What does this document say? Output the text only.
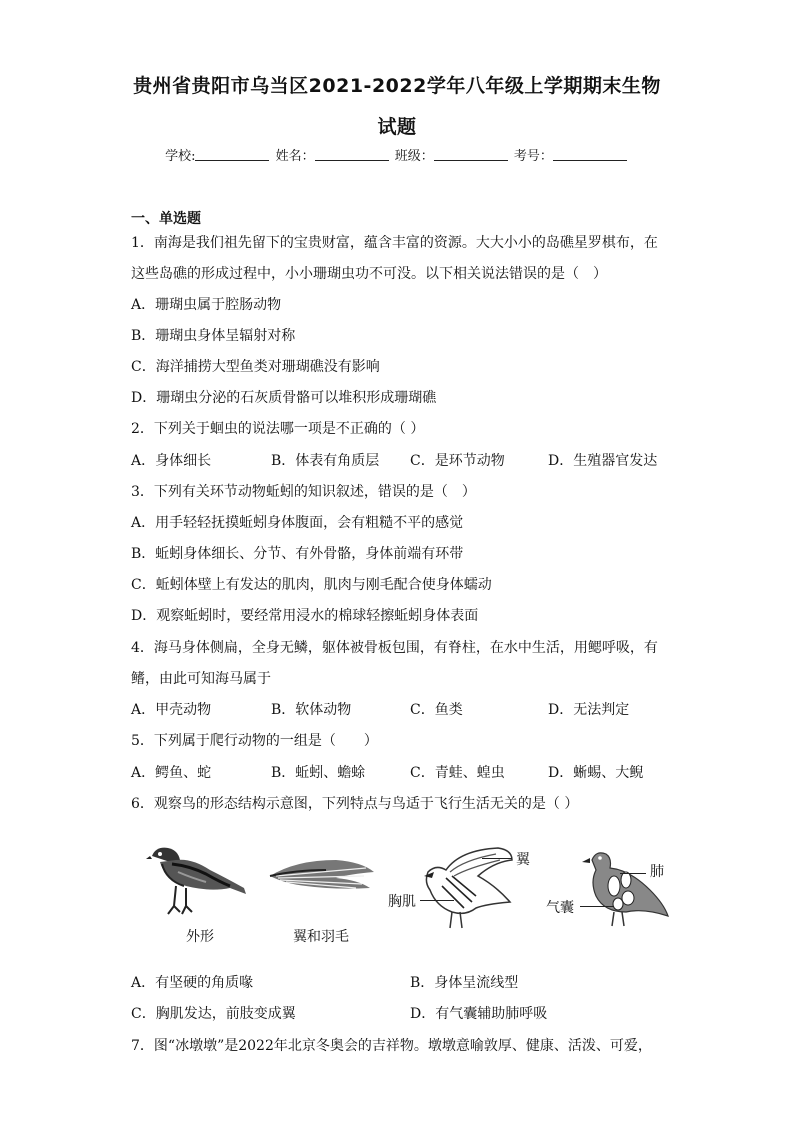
贵州省贵阳市乌当区2021-2022学年八年级上学期期末生物
试题
学校:	姓名：	班级：	考号：
一、单选题
1．南海是我们祖先留下的宝贵财富，蕴含丰富的资源。大大小小的岛礁星罗棋布，在
这些岛礁的形成过程中，小小珊瑚虫功不可没。以下相关说法错误的是（　）
A．珊瑚虫属于腔肠动物
B．珊瑚虫身体呈辐射对称
C．海洋捕捞大型鱼类对珊瑚礁没有影响
D．珊瑚虫分泌的石灰质骨骼可以堆积形成珊瑚礁
2．下列关于蛔虫的说法哪一项是不正确的（ ）
A．身体细长	B．体表有角质层 C．是环节动物	D．生殖器官发达
3．下列有关环节动物蚯蚓的知识叙述，错误的是（　）
A．用手轻轻抚摸蚯蚓身体腹面，会有粗糙不平的感觉
B．蚯蚓身体细长、分节、有外骨骼，身体前端有环带
C．蚯蚓体壁上有发达的肌肉，肌肉与刚毛配合使身体蠕动
D．观察蚯蚓时，要经常用浸水的棉球轻擦蚯蚓身体表面
4．海马身体侧扁，全身无鳞，躯体被骨板包围，有脊柱，在水中生活，用鳃呼吸，有
鳍，由此可知海马属于
A．甲壳动物	B．软体动物	C．鱼类	D．无法判定
5．下列属于爬行动物的一组是（　　）
A．鳄鱼、蛇	B．蚯蚓、蟾蜍	C．青蛙、蝗虫	D．蜥蜴、大鲵
6．观察鸟的形态结构示意图，下列特点与鸟适于飞行生活无关的是（ ）
外形	翼和羽毛
翼
胸肌
肺
气囊
A．有坚硬的角质喙	B．身体呈流线型
C．胸肌发达，前肢变成翼	D．有气囊辅助肺呼吸
7．图“冰墩墩”是2022年北京冬奥会的吉祥物。墩墩意喻敦厚、健康、活泼、可爱，
